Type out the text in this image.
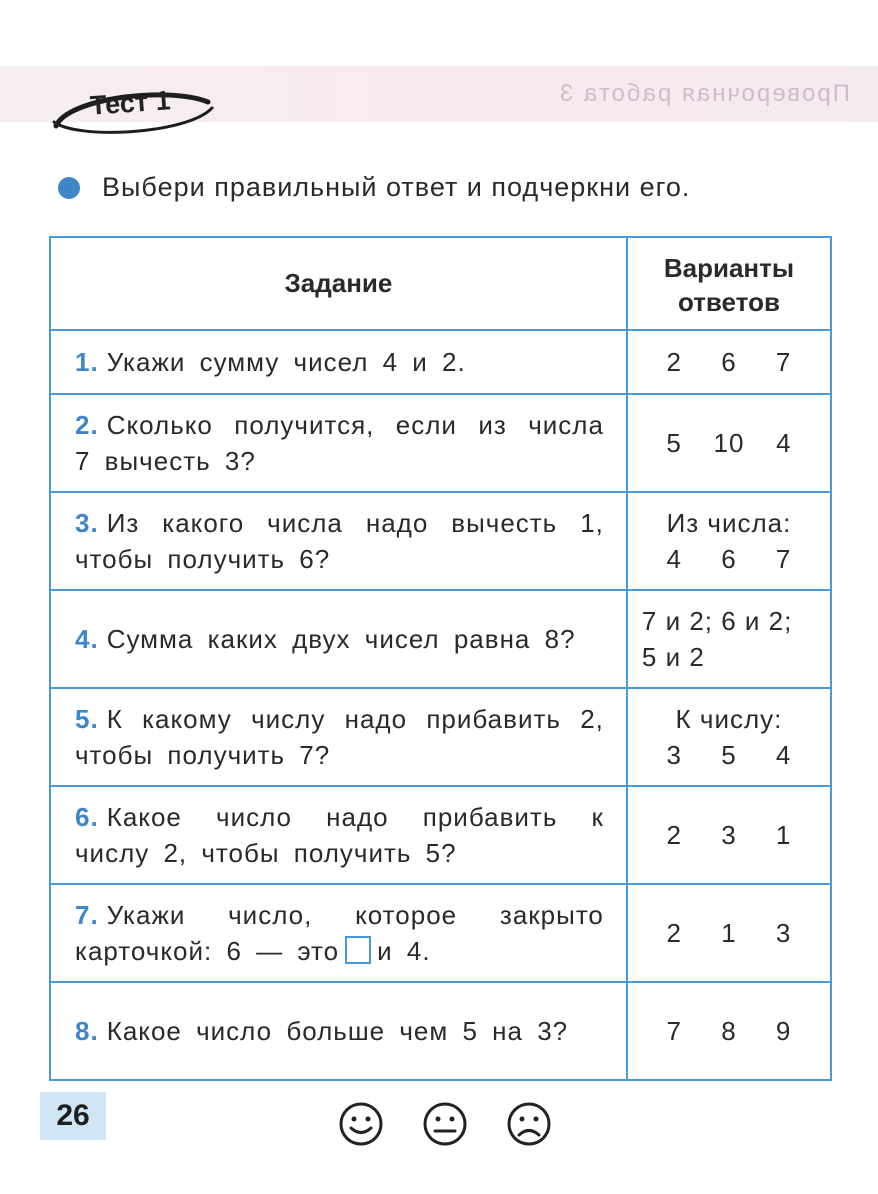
Проверочная работа 3
Тест 1
Выбери правильный ответ и подчеркни его.
Задание	Варианты
ответов

1. Укажи сумму чисел 4 и 2.	2 6 7

2. Сколько получится, если из числа 7 вычесть 3?	5 10 4

3. Из какого числа надо вычесть 1, чтобы получить 6?	Из числа:
4 6 7

4. Сумма каких двух чисел равна 8?	7 и 2; 6 и 2;
5 и 2

5. К какому числу надо прибавить 2, чтобы получить 7?	К числу:
3 5 4

6. Какое число надо прибавить к числу 2, чтобы получить 5?	2 3 1

7. Укажи число, которое закрыто карточкой: 6 — это и 4.	2 1 3

8. Какое число больше чем 5 на 3?	7 8 9
26
